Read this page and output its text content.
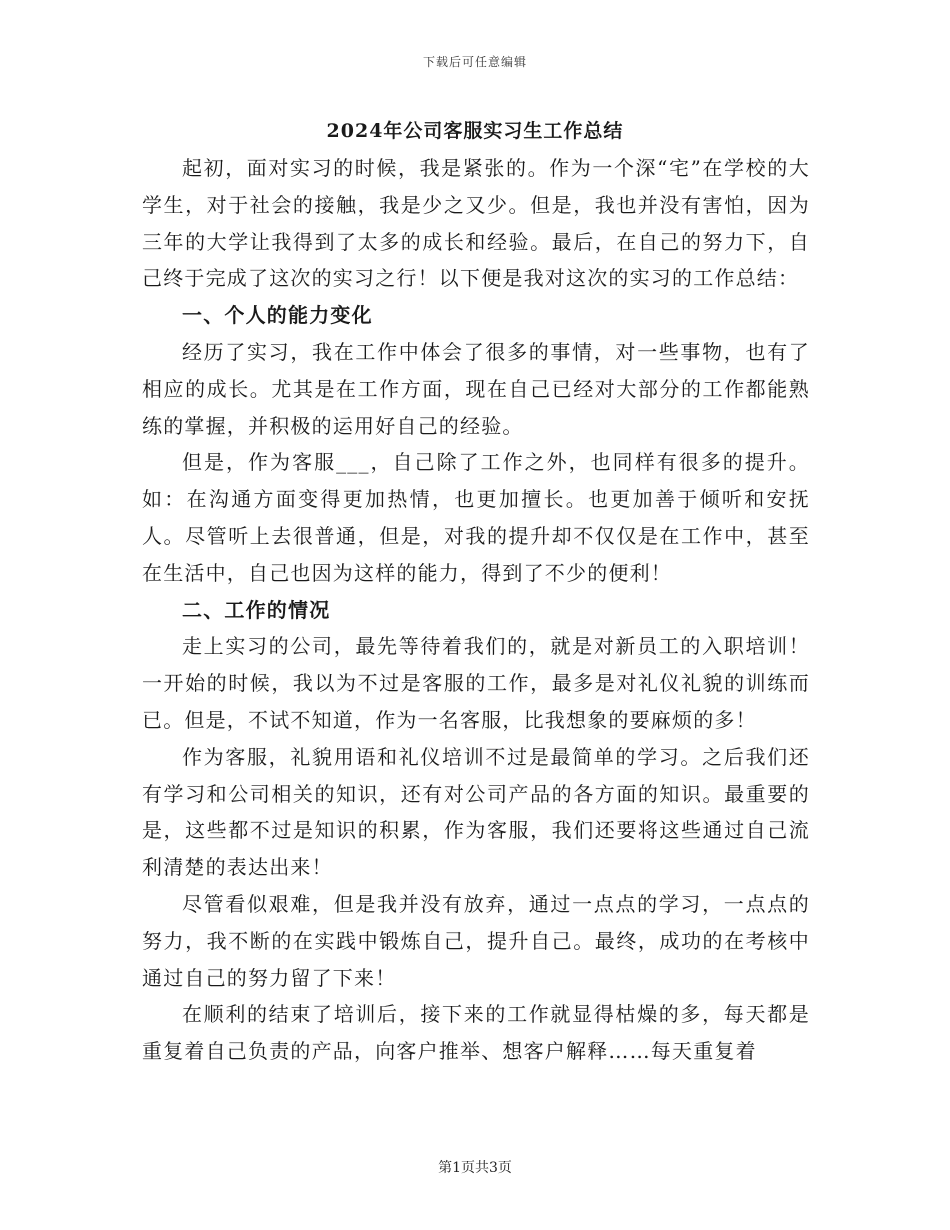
下载后可任意编辑
2024年公司客服实习生工作总结

起初，面对实习的时候，我是紧张的。作为一个深“宅”在学校的大学生，对于社会的接触，我是少之又少。但是，我也并没有害怕，因为三年的大学让我得到了太多的成长和经验。最后，在自己的努力下，自己终于完成了这次的实习之行！以下便是我对这次的实习的工作总结：

一、个人的能力变化

经历了实习，我在工作中体会了很多的事情，对一些事物，也有了相应的成长。尤其是在工作方面，现在自己已经对大部分的工作都能熟练的掌握，并积极的运用好自己的经验。

但是，作为客服___，自己除了工作之外，也同样有很多的提升。如：在沟通方面变得更加热情，也更加擅长。也更加善于倾听和安抚人。尽管听上去很普通，但是，对我的提升却不仅仅是在工作中，甚至在生活中，自己也因为这样的能力，得到了不少的便利！

二、工作的情况

走上实习的公司，最先等待着我们的，就是对新员工的入职培训！一开始的时候，我以为不过是客服的工作，最多是对礼仪礼貌的训练而已。但是，不试不知道，作为一名客服，比我想象的要麻烦的多！

作为客服，礼貌用语和礼仪培训不过是最简单的学习。之后我们还有学习和公司相关的知识，还有对公司产品的各方面的知识。最重要的是，这些都不过是知识的积累，作为客服，我们还要将这些通过自己流利清楚的表达出来！

尽管看似艰难，但是我并没有放弃，通过一点点的学习，一点点的努力，我不断的在实践中锻炼自己，提升自己。最终，成功的在考核中通过自己的努力留了下来！

在顺利的结束了培训后，接下来的工作就显得枯燥的多，每天都是重复着自己负责的产品，向客户推举、想客户解释……每天重复着

第1页共3页
